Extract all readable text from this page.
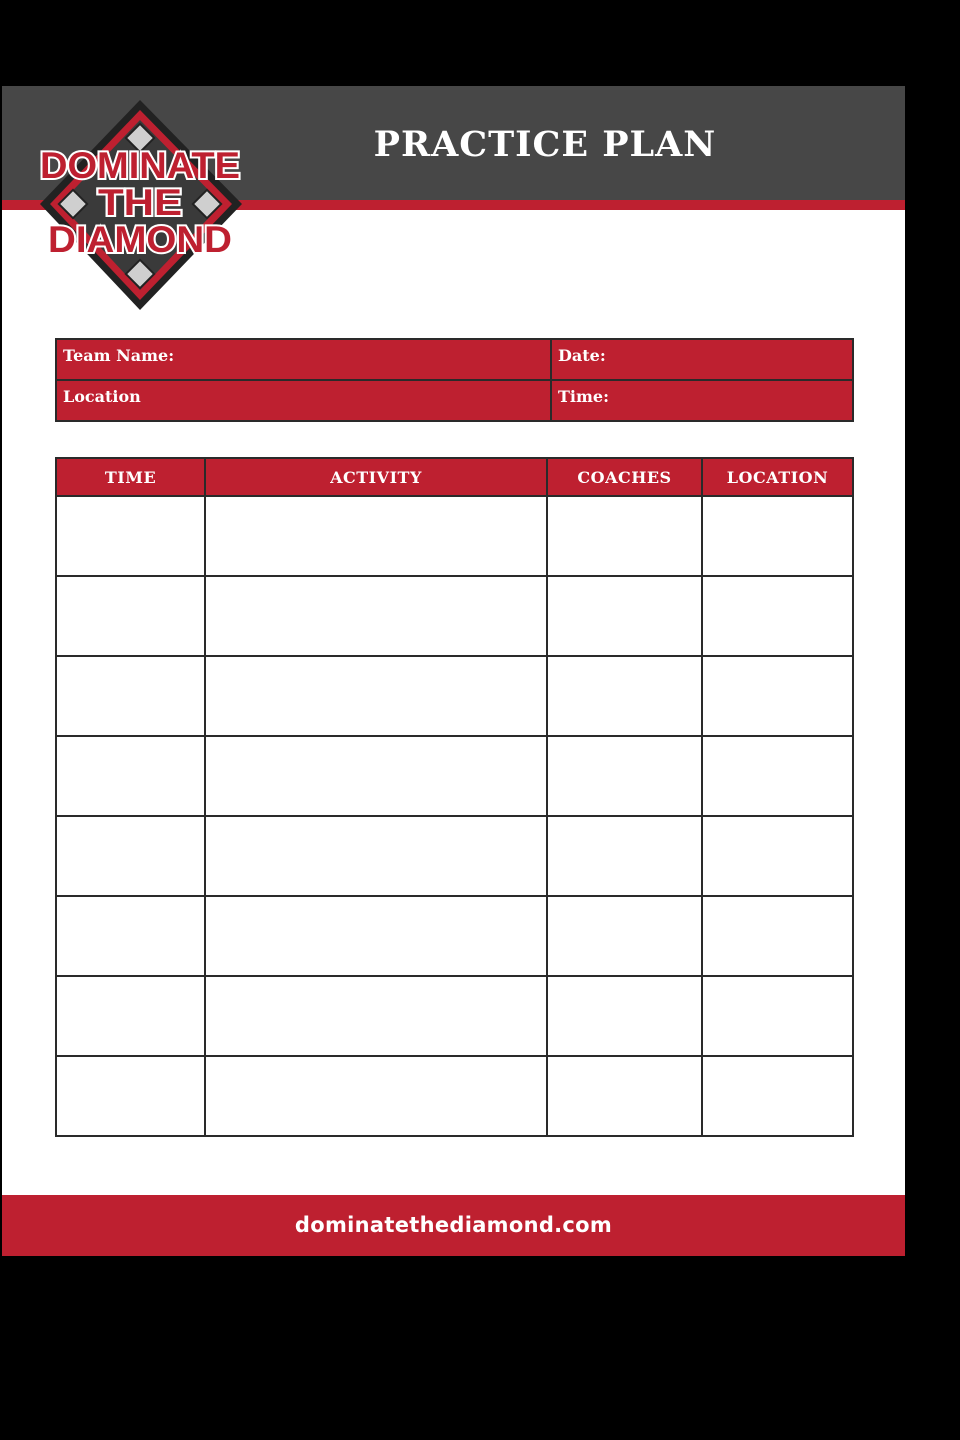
PRACTICE PLAN
DOMINATE
THE
DIAMOND
Team Name:	Date:
Location	Time:
TIME	ACTIVITY	COACHES	LOCATION

dominatethediamond.com
